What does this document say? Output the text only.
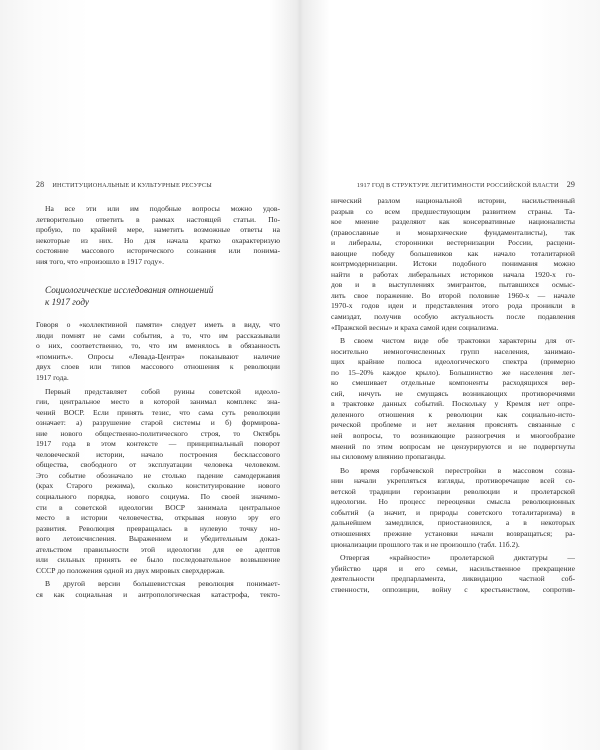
28 ИНСТИТУЦИОНАЛЬНЫЕ И КУЛЬТУРНЫЕ РЕСУРСЫ
На все эти или им подобные вопросы можно удов-
летворительно ответить в рамках настоящей статьи. По-
пробую, по крайней мере, наметить возможные ответы на
некоторые из них. Но для начала кратко охарактеризую
состояние массового исторического сознания или понима-
ния того, что «произошло в 1917 году».
Социологические исследования отношений
к 1917 году
Говоря о «коллективной памяти» следует иметь в виду, что
люди помнят не сами события, а то, что им рассказывали
о них, соответственно, то, что им вменялось в обязанность
«помнить». Опросы «Левада-Центра» показывают наличие
двух слоев или типов массового отношения к революции
1917 года.
Первый представляет собой руины советской идеоло-
гии, центральное место в которой занимал комплекс зна-
чений ВОСР. Если принять тезис, что сама суть революции
означает: а) разрушение старой системы и б) формирова-
ние нового общественно-политического строя, то Октябрь
1917 года в этом контексте — принципиальный поворот
человеческой истории, начало построения бесклассового
общества, свободного от эксплуатации человека человеком.
Это событие обозначало не столько падение самодержавия
(крах Старого режима), сколько конституирование нового
социального порядка, нового социума. По своей значимо-
сти в советской идеологии ВОСР занимала центральное
место в истории человечества, открывая новую эру его
развития. Революция превращалась в нулевую точку но-
вого летоисчисления. Выражением и убедительным доказ-
ательством правильности этой идеологии для ее адептов
или сильных принять ее было последовательное возвышение
СССР до положения одной из двух мировых сверхдержав.
В другой версии большевистская революция понимает-
ся как социальная и антропологическая катастрофа, текто-
1917 ГОД В СТРУКТУРЕ ЛЕГИТИМНОСТИ РОССИЙСКОЙ ВЛАСТИ 29
нический разлом национальной истории, насильственный
разрыв со всем предшествующим развитием страны. Та-
кое мнение разделяют как консервативные националисты
(православные и монархические фундаменталисты), так
и либералы, сторонники вестернизации России, расцени-
вающие победу большевиков как начало тоталитарной
контрмодернизации. Истоки подобного понимания можно
найти в работах либеральных историков начала 1920-х го-
дов и в выступлениях эмигрантов, пытавшихся осмыс-
лить свое поражение. Во второй половине 1960-х — начале
1970-х годов идеи и представления этого рода проникли в
самиздат, получив особую актуальность после подавления
«Пражской весны» и краха самой идеи социализма.
В своем чистом виде обе трактовки характерны для от-
носительно немногочисленных групп населения, занимаю-
щих крайние полюса идеологического спектра (примерно
по 15–20% каждое крыло). Большинство же населения лег-
ко смешивает отдельные компоненты расходящихся вер-
сий, ничуть не смущаясь возникающих противоречиями
в трактовке данных событий. Поскольку у Кремля нет опре-
деленного отношения к революции как социально-исто-
рической проблеме и нет желания прояснять связанные с
ней вопросы, то возникающие разногречия и многообразие
мнений по этим вопросам не цензурируются и не подвергнуты
ны силовому влиянию пропаганды.
Во время горбачевской перестройки в массовом созна-
нии начали укрепляться взгляды, противоречащие всей со-
ветской традиции героизации революции и пролетарской
идеологии. Но процесс переоценки смысла революционных
событий (а значит, и природы советского тоталитаризма) в
дальнейшем замедлился, приостановился, а в некоторых
отношениях прежние установки начали возвращаться; ра-
ционализации прошлого так и не произошло (табл. 11б.2).
Отвергая «крайности» пролетарской диктатуры —
убийство царя и его семьи, насильственное прекращение
деятельности предпарламента, ликвидацию частной соб-
ственности, оппозиции, войну с крестьянством, сопротив-
